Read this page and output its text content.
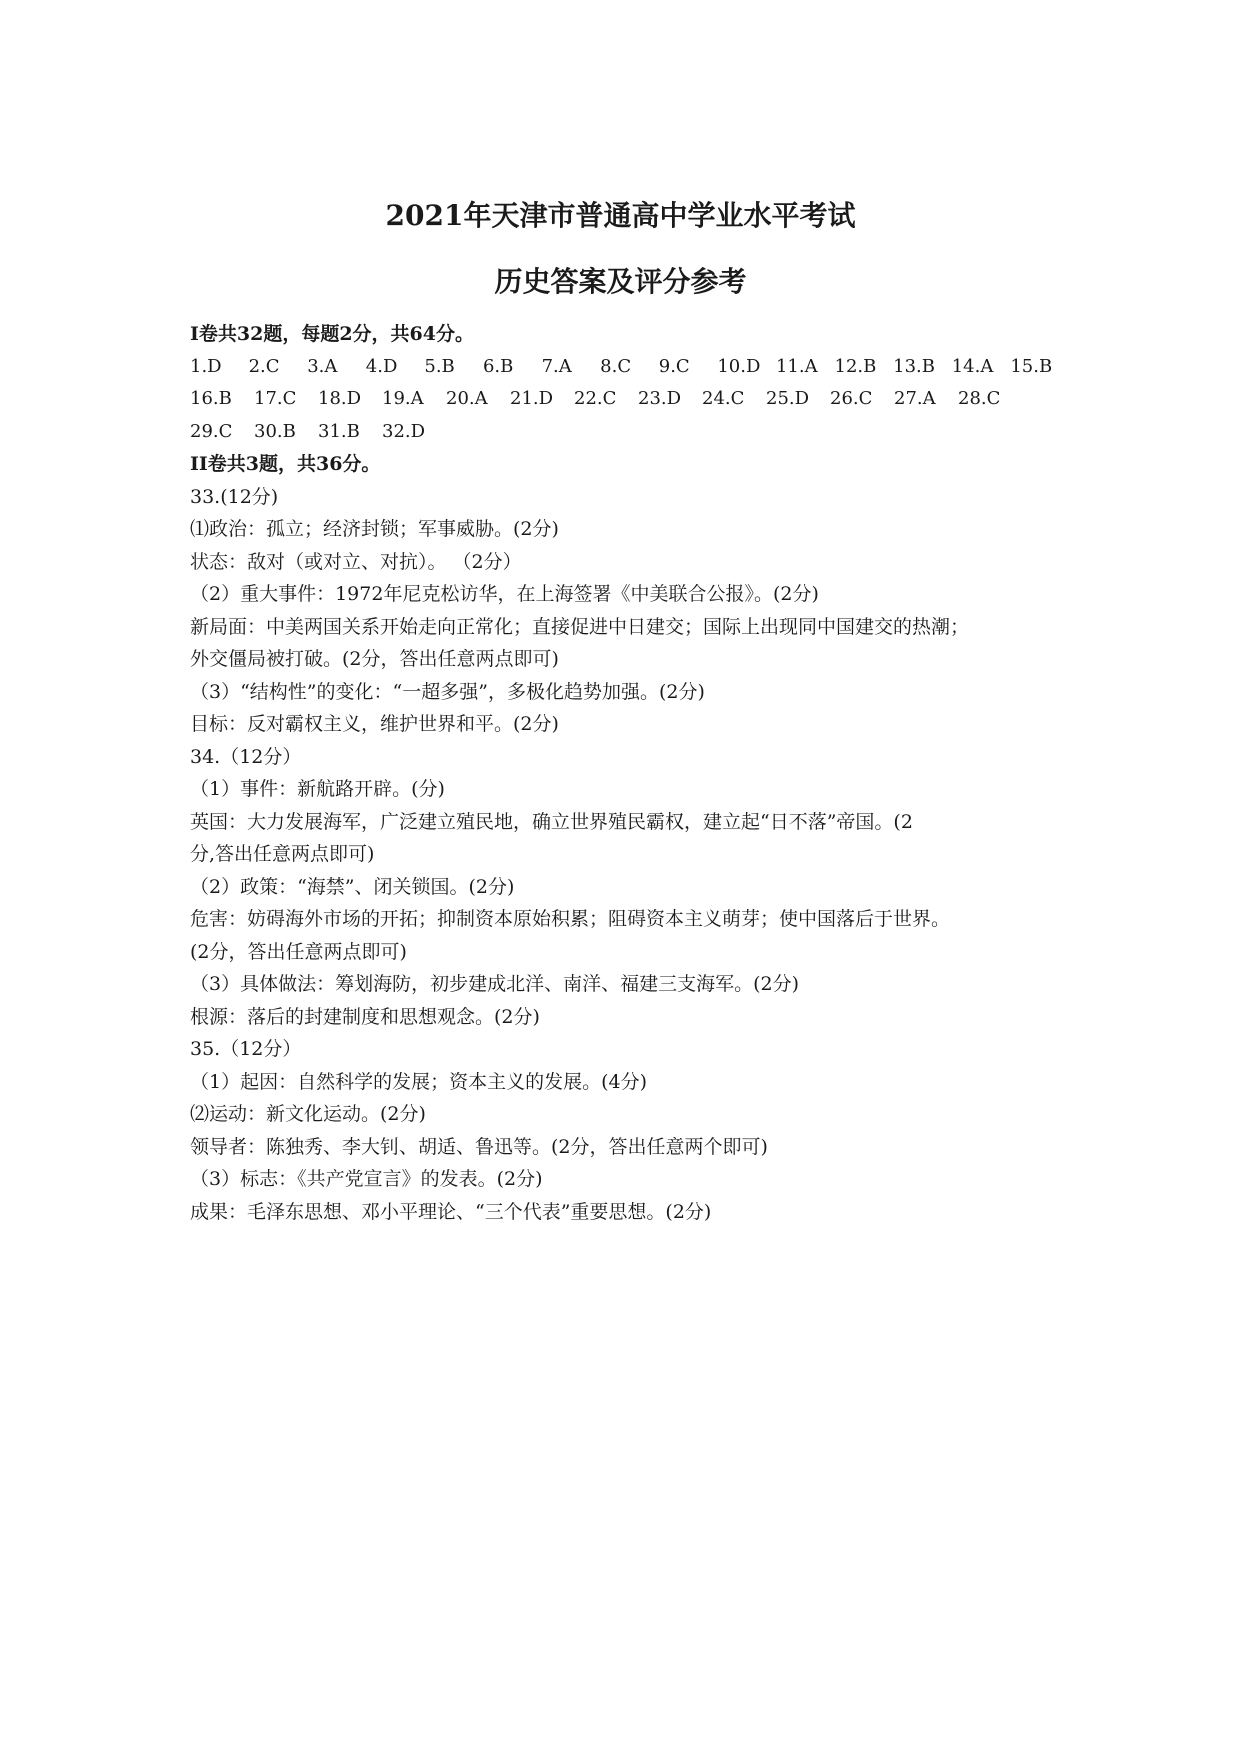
2021年天津市普通高中学业水平考试
历史答案及评分参考
I卷共32题，每题2分，共64分。
1.D	2.C	3.A	4.D	5.B	6.B	7.A	8.C	9.C	10.D 11.A 12.B 13.B 14.A 15.B
16.B	17.C	18.D	19.A	20.A	21.D	22.C	23.D	24.C	25.D	26.C	27.A	28.C
29.C	30.B	31.B	32.D
II卷共3题，共36分。
33.(12分)
⑴政治：孤立；经济封锁；军事威胁。(2分)
状态：敌对（或对立、对抗）。 （2分）
（2）重大事件：1972年尼克松访华，在上海签署《中美联合公报》。(2分)
新局面：中美两国关系开始走向正常化；直接促进中日建交；国际上出现同中国建交的热潮；
外交僵局被打破。(2分，答出任意两点即可)
（3）“结构性”的变化：“一超多强”，多极化趋势加强。(2分)
目标：反对霸权主义，维护世界和平。(2分)
34.（12分）
（1）事件：新航路开辟。(分)
英国：大力发展海军，广泛建立殖民地，确立世界殖民霸权，建立起“日不落”帝国。(2
分,答出任意两点即可)
（2）政策：“海禁”、闭关锁国。(2分)
危害：妨碍海外市场的开拓；抑制资本原始积累；阻碍资本主义萌芽；使中国落后于世界。
(2分，答出任意两点即可)
（3）具体做法：筹划海防，初步建成北洋、南洋、福建三支海军。(2分)
根源：落后的封建制度和思想观念。(2分)
35.（12分）
（1）起因：自然科学的发展；资本主义的发展。(4分)
⑵运动：新文化运动。(2分)
领导者：陈独秀、李大钊、胡适、鲁迅等。(2分，答出任意两个即可)
（3）标志：《共产党宣言》的发表。(2分)
成果：毛泽东思想、邓小平理论、“三个代表”重要思想。(2分)
